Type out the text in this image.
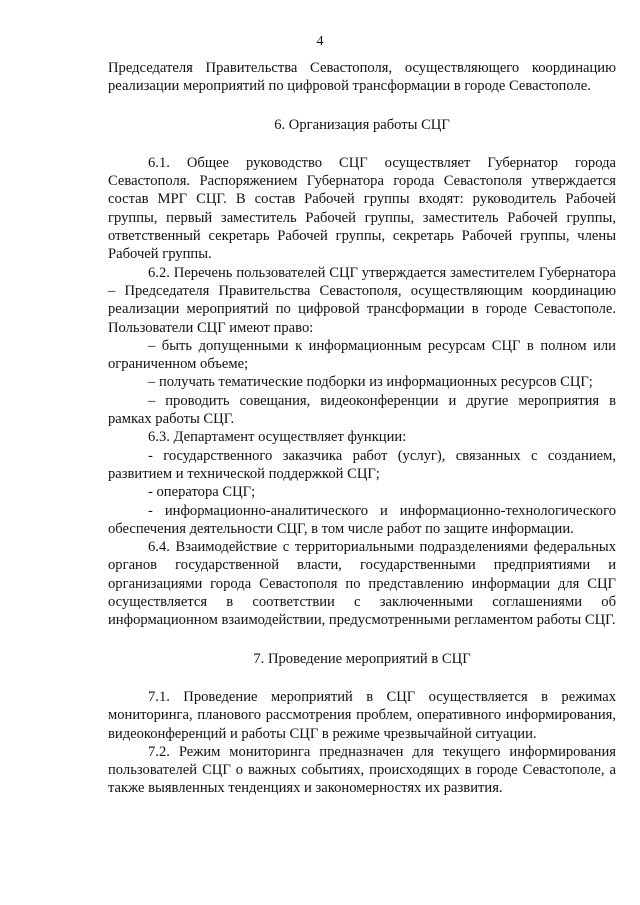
4

Председателя Правительства Севастополя, осуществляющего координацию реализации мероприятий по цифровой трансформации в городе Севастополе.

6. Организация работы СЦГ

6.1. Общее руководство СЦГ осуществляет Губернатор города Севастополя. Распоряжением Губернатора города Севастополя утверждается состав МРГ СЦГ. В состав Рабочей группы входят: руководитель Рабочей группы, первый заместитель Рабочей группы, заместитель Рабочей группы, ответственный секретарь Рабочей группы, секретарь Рабочей группы, члены Рабочей группы.

6.2. Перечень пользователей СЦГ утверждается заместителем Губернатора – Председателя Правительства Севастополя, осуществляющим координацию реализации мероприятий по цифровой трансформации в городе Севастополе. Пользователи СЦГ имеют право:

– быть допущенными к информационным ресурсам СЦГ в полном или ограниченном объеме;

– получать тематические подборки из информационных ресурсов СЦГ;

– проводить совещания, видеоконференции и другие мероприятия в рамках работы СЦГ.

6.3. Департамент осуществляет функции:

- государственного заказчика работ (услуг), связанных с созданием, развитием и технической поддержкой СЦГ;

- оператора СЦГ;

- информационно-аналитического и информационно-технологического обеспечения деятельности СЦГ, в том числе работ по защите информации.

6.4. Взаимодействие с территориальными подразделениями федеральных органов государственной власти, государственными предприятиями и организациями города Севастополя по представлению информации для СЦГ осуществляется в соответствии с заключенными соглашениями об информационном взаимодействии, предусмотренными регламентом работы СЦГ.

7. Проведение мероприятий в СЦГ

7.1. Проведение мероприятий в СЦГ осуществляется в режимах мониторинга, планового рассмотрения проблем, оперативного информирования, видеоконференций и работы СЦГ в режиме чрезвычайной ситуации.

7.2. Режим мониторинга предназначен для текущего информирования пользователей СЦГ о важных событиях, происходящих в городе Севастополе, а также выявленных тенденциях и закономерностях их развития.
